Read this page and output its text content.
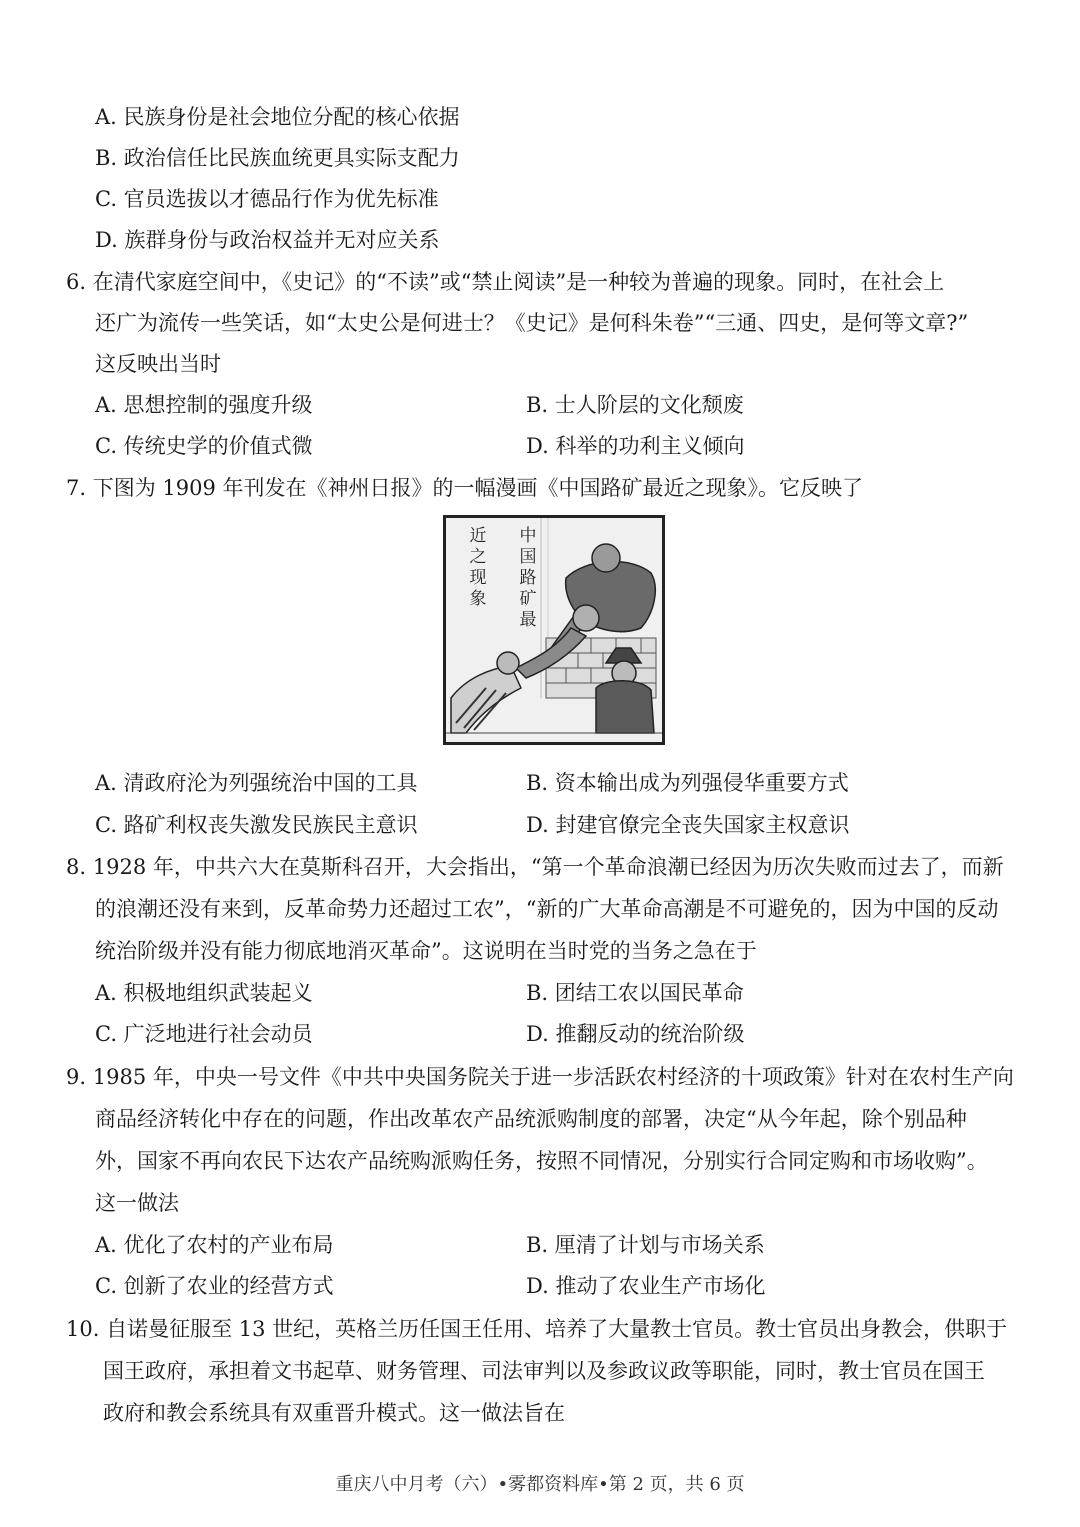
A. 民族身份是社会地位分配的核心依据
B. 政治信任比民族血统更具实际支配力
C. 官员选拔以才德品行作为优先标准
D. 族群身份与政治权益并无对应关系
6. 在清代家庭空间中，《史记》的“不读”或“禁止阅读”是一种较为普遍的现象。同时，在社会上
还广为流传一些笑话，如“太史公是何进士？《史记》是何科朱卷”“三通、四史，是何等文章?”
这反映出当时
A. 思想控制的强度升级	B. 士人阶层的文化颓废
C. 传统史学的价值式微	D. 科举的功利主义倾向
7. 下图为 1909 年刊发在《神州日报》的一幅漫画《中国路矿最近之现象》。它反映了
中国路矿最
近之现象
A. 清政府沦为列强统治中国的工具	B. 资本输出成为列强侵华重要方式
C. 路矿利权丧失激发民族民主意识	D. 封建官僚完全丧失国家主权意识
8. 1928 年，中共六大在莫斯科召开，大会指出，“第一个革命浪潮已经因为历次失败而过去了，而新
的浪潮还没有来到，反革命势力还超过工农”，“新的广大革命高潮是不可避免的，因为中国的反动
统治阶级并没有能力彻底地消灭革命”。这说明在当时党的当务之急在于
A. 积极地组织武装起义	B. 团结工农以国民革命
C. 广泛地进行社会动员	D. 推翻反动的统治阶级
9. 1985 年，中央一号文件《中共中央国务院关于进一步活跃农村经济的十项政策》针对在农村生产向
商品经济转化中存在的问题，作出改革农产品统派购制度的部署，决定“从今年起，除个别品种
外，国家不再向农民下达农产品统购派购任务，按照不同情况，分别实行合同定购和市场收购”。
这一做法
A. 优化了农村的产业布局	B. 厘清了计划与市场关系
C. 创新了农业的经营方式	D. 推动了农业生产市场化
10. 自诺曼征服至 13 世纪，英格兰历任国王任用、培养了大量教士官员。教士官员出身教会，供职于
国王政府，承担着文书起草、财务管理、司法审判以及参政议政等职能，同时，教士官员在国王
政府和教会系统具有双重晋升模式。这一做法旨在
重庆八中月考（六）•雾都资料库•第 2 页，共 6 页
